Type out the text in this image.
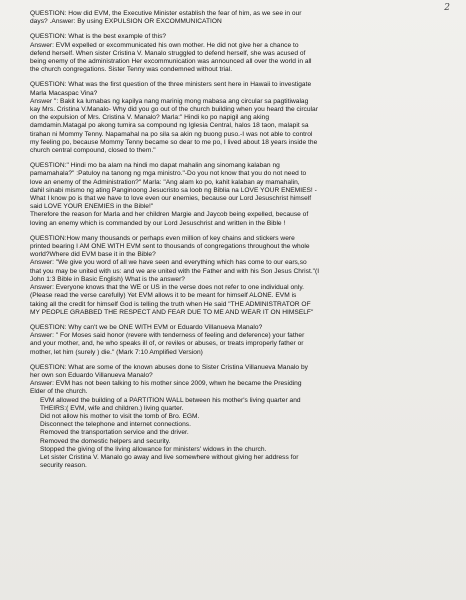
2
QUESTION: How did EVM, the Executive Minister establish the fear of him, as we see in our
days? .Answer: By using EXPULSION OR EXCOMMUNICATION
QUESTION: What is the best example of this?
Answer: EVM expelled or excommunicated his own mother. He did not give her a chance to
defend herself. When sister Cristina V. Manalo struggled to defend herself, she was acused of
being enemy of the administration Her excommunication was announced all over the world in all
the church congregations. Sister Tenny was condemned without trial.
QUESTION: What was the first question of the three ministers sent here in Hawaii to investigate
Marla Macaspac Vina?
Answer ": Bakit ka lumabas ng kapilya nang marinig mong mabasa ang circular sa pagtitiwalag
kay Mrs. Cristina V.Manalo- Why did you go out of the church building when you heard the circular
on the expulsion of Mrs. Cristina V. Manalo? Marla:" Hindi ko po napigil ang aking
damdamin.Matagal po akong tumira sa compound ng Iglesia Central, halos 18 taon, malapit sa
tirahan ni Mommy Tenny. Napamahal na po sila sa akin ng buong puso.-I was not able to control
my feeling po, because Mommy Tenny became so dear to me po, I lived about 18 years inside the
church central compound, closed to them."
QUESTION:" Hindi mo ba alam na hindi mo dapat mahalin ang sinomang kalaban ng
pamamahala?" :Patuloy na tanong ng mga ministro."-Do you not know that you do not need to
love an enemy of the Administration?" Marla: "Ang alam ko po, kahit kalaban ay mamahalin,
dahil sinabi mismo ng ating Panginoong Jesucristo sa loob ng Biblia na LOVE YOUR ENEMIES! -
What I know po is that we have to love even our enemies, because our Lord Jesuschrist himself
said LOVE YOUR ENEMIES in the Bible!"
Therefore the reason for Marla and her children Margie and Jaycob being expelled, because of
loving an enemy which is commanded by our Lord Jesuschrist and written in the Bible !
QUESTION:How many thousands or perhaps even million of key chains and stickers were
printed bearing I AM ONE WITH EVM sent to thousands of congregations throughout the whole
world?Where did EVM base it in the Bible?
Answer: "We give you word of all we have seen and everything which has come to our ears,so
that you may be united with us: and we are united with the Father and with his Son Jesus Christ."(I
John 1:3 Bible in Basic English) What is the answer?
Answer: Everyone knows that the WE or US in the verse does not refer to one individual only.
(Please read the verse carefully) Yet EVM allows it to be meant for himself ALONE. EVM is
taking all the credit for himself God is telling the truth when He said "THE ADMINISTRATOR OF
MY PEOPLE GRABBED THE RESPECT AND FEAR DUE TO ME AND WEAR IT ON HIMSELF"
QUESTION: Why can't we be ONE WITH EVM or Eduardo Villanueva Manalo?
Answer: " For Moses said honor (revere with tenderness of feeling and deference) your father
and your mother, and, he who speaks ill of, or reviles or abuses, or treats improperly father or
mother, let him (surely ) die." (Mark 7:10 Amplified Version)
QUESTION: What are some of the known abuses done to Sister Cristina Villanueva Manalo by
her own son Eduardo Villanueva Manalo?
Answer: EVM has not been talking to his mother since 2009, whwn he became the Presiding
Elder of the church.
EVM allowed the building of a PARTITION WALL between his mother's living quarter and
THEIRS:( EVM, wife and children.) living quarter.
Did not allow his mother to visit the tomb of Bro. EGM.
Disconnect the telephone and internet connections.
Removed the transportation service and the driver.
Removed the domestic helpers and security.
Stopped the giving of the living allowance for ministers' widows in the church.
Let sister Cristina V. Manalo go away and live somewhere without giving her address for
security reason.
